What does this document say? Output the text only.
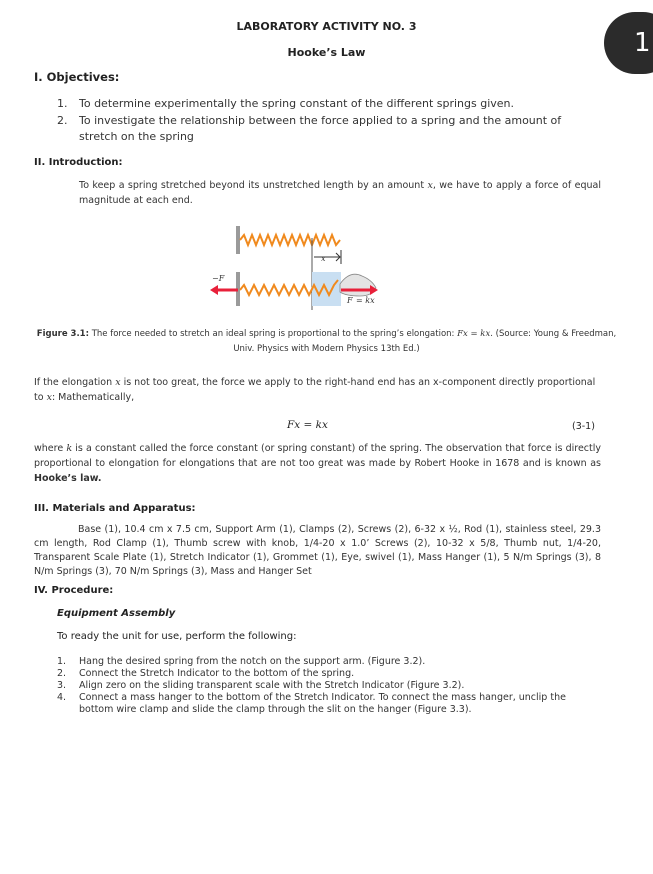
1
LABORATORY ACTIVITY NO. 3
Hooke’s Law
I. Objectives:
1. To determine experimentally the spring constant of the different springs given.
2. To investigate the relationship between the force applied to a spring and the amount of stretch on the spring
II. Introduction:

To keep a spring stretched beyond its unstretched length by an amount x, we have to apply a force of equal magnitude at each end.

x
−F
F = kx
Figure 3.1: The force needed to stretch an ideal spring is proportional to the spring’s elongation: Fx = kx. (Source: Young & Freedman, Univ. Physics with Modern Physics 13th Ed.)

If the elongation x is not too great, the force we apply to the right-hand end has an x-component directly proportional to x: Mathematically,

Fx = kx	(3-1)

where k is a constant called the force constant (or spring constant) of the spring. The observation that force is directly proportional to elongation for elongations that are not too great was made by Robert Hooke in 1678 and is known as Hooke’s law.

III. Materials and Apparatus:

Base (1), 10.4 cm x 7.5 cm, Support Arm (1), Clamps (2), Screws (2), 6-32 x ½, Rod (1), stainless steel, 29.3 cm length, Rod Clamp (1), Thumb screw with knob, 1/4-20 x 1.0’ Screws (2), 10-32 x 5/8, Thumb nut, 1/4-20, Transparent Scale Plate (1), Stretch Indicator (1), Grommet (1), Eye, swivel (1), Mass Hanger (1), 5 N/m Springs (3), 8 N/m Springs (3), 70 N/m Springs (3), Mass and Hanger Set

IV. Procedure:
Equipment Assembly
To ready the unit for use, perform the following:
1. Hang the desired spring from the notch on the support arm. (Figure 3.2).
2. Connect the Stretch Indicator to the bottom of the spring.
3. Align zero on the sliding transparent scale with the Stretch Indicator (Figure 3.2).
4. Connect a mass hanger to the bottom of the Stretch Indicator. To connect the mass hanger, unclip the bottom wire clamp and slide the clamp through the slit on the hanger (Figure 3.3).
